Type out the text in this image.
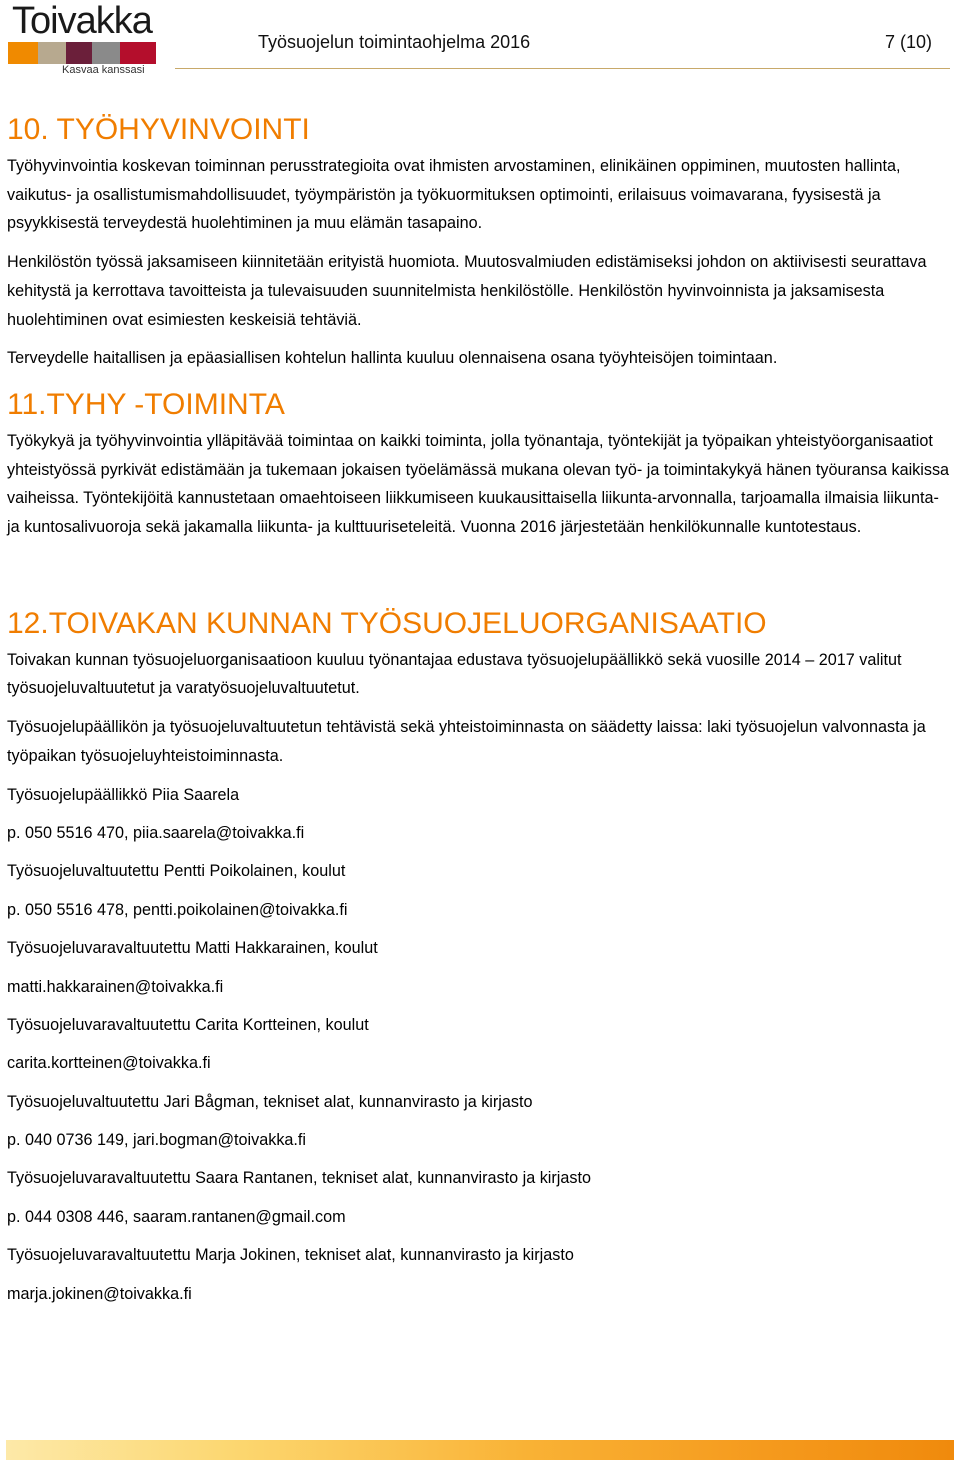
Toivakka
Kasvaa kanssasi
Työsuojelun toimintaohjelma 2016	7 (10)
10. TYÖHYVINVOINTI

Työhyvinvointia koskevan toiminnan perusstrategioita ovat ihmisten arvostaminen, elinikäinen oppiminen, muutosten hallinta, vaikutus- ja osallistumismahdollisuudet, työympäristön ja työkuormituksen optimointi, erilaisuus voimavarana, fyysisestä ja psyykkisestä terveydestä huolehtiminen ja muu elämän tasapaino.

Henkilöstön työssä jaksamiseen kiinnitetään erityistä huomiota. Muutosvalmiuden edistämiseksi johdon on aktiivisesti seurattava kehitystä ja kerrottava tavoitteista ja tulevaisuuden suunnitelmista henkilöstölle. Henkilöstön hyvinvoinnista ja jaksamisesta huolehtiminen ovat esimiesten keskeisiä tehtäviä.

Terveydelle haitallisen ja epäasiallisen kohtelun hallinta kuuluu olennaisena osana työyhteisöjen toimintaan.

11.TYHY -TOIMINTA

Työkykyä ja työhyvinvointia ylläpitävää toimintaa on kaikki toiminta, jolla työnantaja, työntekijät ja työpaikan yhteistyöorganisaatiot yhteistyössä pyrkivät edistämään ja tukemaan jokaisen työelämässä mukana olevan työ- ja toimintakykyä hänen työuransa kaikissa vaiheissa. Työntekijöitä kannustetaan omaehtoiseen liikkumiseen kuukausittaisella liikunta-arvonnalla, tarjoamalla ilmaisia liikunta- ja kuntosalivuoroja sekä jakamalla liikunta- ja kulttuuriseteleitä. Vuonna 2016 järjestetään henkilökunnalle kuntotestaus.

12.TOIVAKAN KUNNAN TYÖSUOJELUORGANISAATIO

Toivakan kunnan työsuojeluorganisaatioon kuuluu työnantajaa edustava työsuojelupäällikkö sekä vuosille 2014 – 2017 valitut työsuojeluvaltuutetut ja varatyösuojeluvaltuutetut.

Työsuojelupäällikön ja työsuojeluvaltuutetun tehtävistä sekä yhteistoiminnasta on säädetty laissa: laki työsuojelun valvonnasta ja työpaikan työsuojeluyhteistoiminnasta.

Työsuojelupäällikkö Piia Saarela

p. 050 5516 470, piia.saarela@toivakka.fi

Työsuojeluvaltuutettu Pentti Poikolainen, koulut

p. 050 5516 478, pentti.poikolainen@toivakka.fi

Työsuojeluvaravaltuutettu Matti Hakkarainen, koulut

matti.hakkarainen@toivakka.fi

Työsuojeluvaravaltuutettu Carita Kortteinen, koulut

carita.kortteinen@toivakka.fi

Työsuojeluvaltuutettu Jari Bågman, tekniset alat, kunnanvirasto ja kirjasto

p. 040 0736 149, jari.bogman@toivakka.fi

Työsuojeluvaravaltuutettu Saara Rantanen, tekniset alat, kunnanvirasto ja kirjasto

p. 044 0308 446, saaram.rantanen@gmail.com

Työsuojeluvaravaltuutettu Marja Jokinen, tekniset alat, kunnanvirasto ja kirjasto

marja.jokinen@toivakka.fi
